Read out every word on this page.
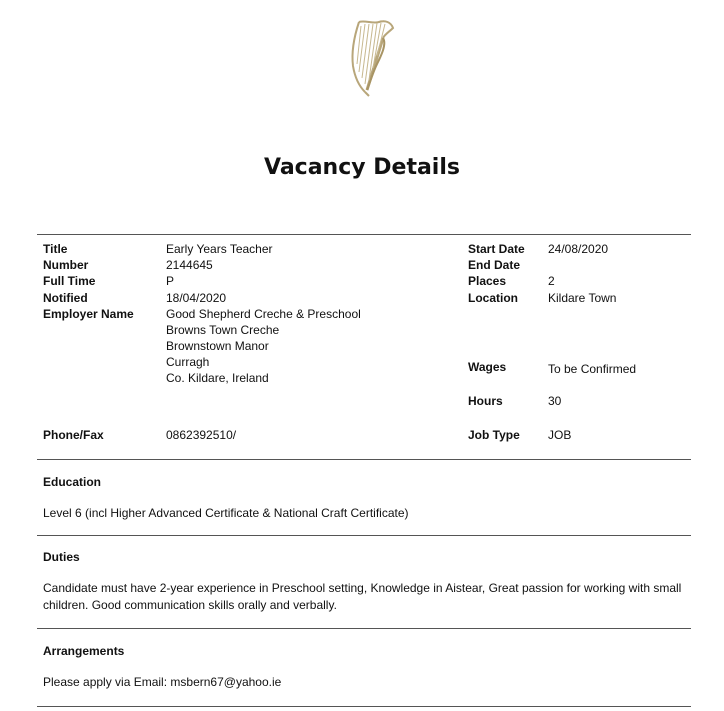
Vacancy Details
Title	Early Years Teacher
Number	2144645
Full Time	P
Notified	18/04/2020
Employer Name	Good Shepherd Creche & Preschool
Browns Town Creche
Brownstown Manor
Curragh
Co. Kildare, Ireland
Phone/Fax	0862392510/
Start Date 24/08/2020
End Date
Places	2
Location	Kildare Town
Wages	To be Confirmed
Hours	30
Job Type JOB
Education
Level 6 (incl Higher Advanced Certificate & National Craft Certificate)
Duties
Candidate must have 2-year experience in Preschool setting, Knowledge in Aistear, Great passion for working with small children. Good communication skills orally and verbally.
Arrangements
Please apply via Email: msbern67@yahoo.ie
